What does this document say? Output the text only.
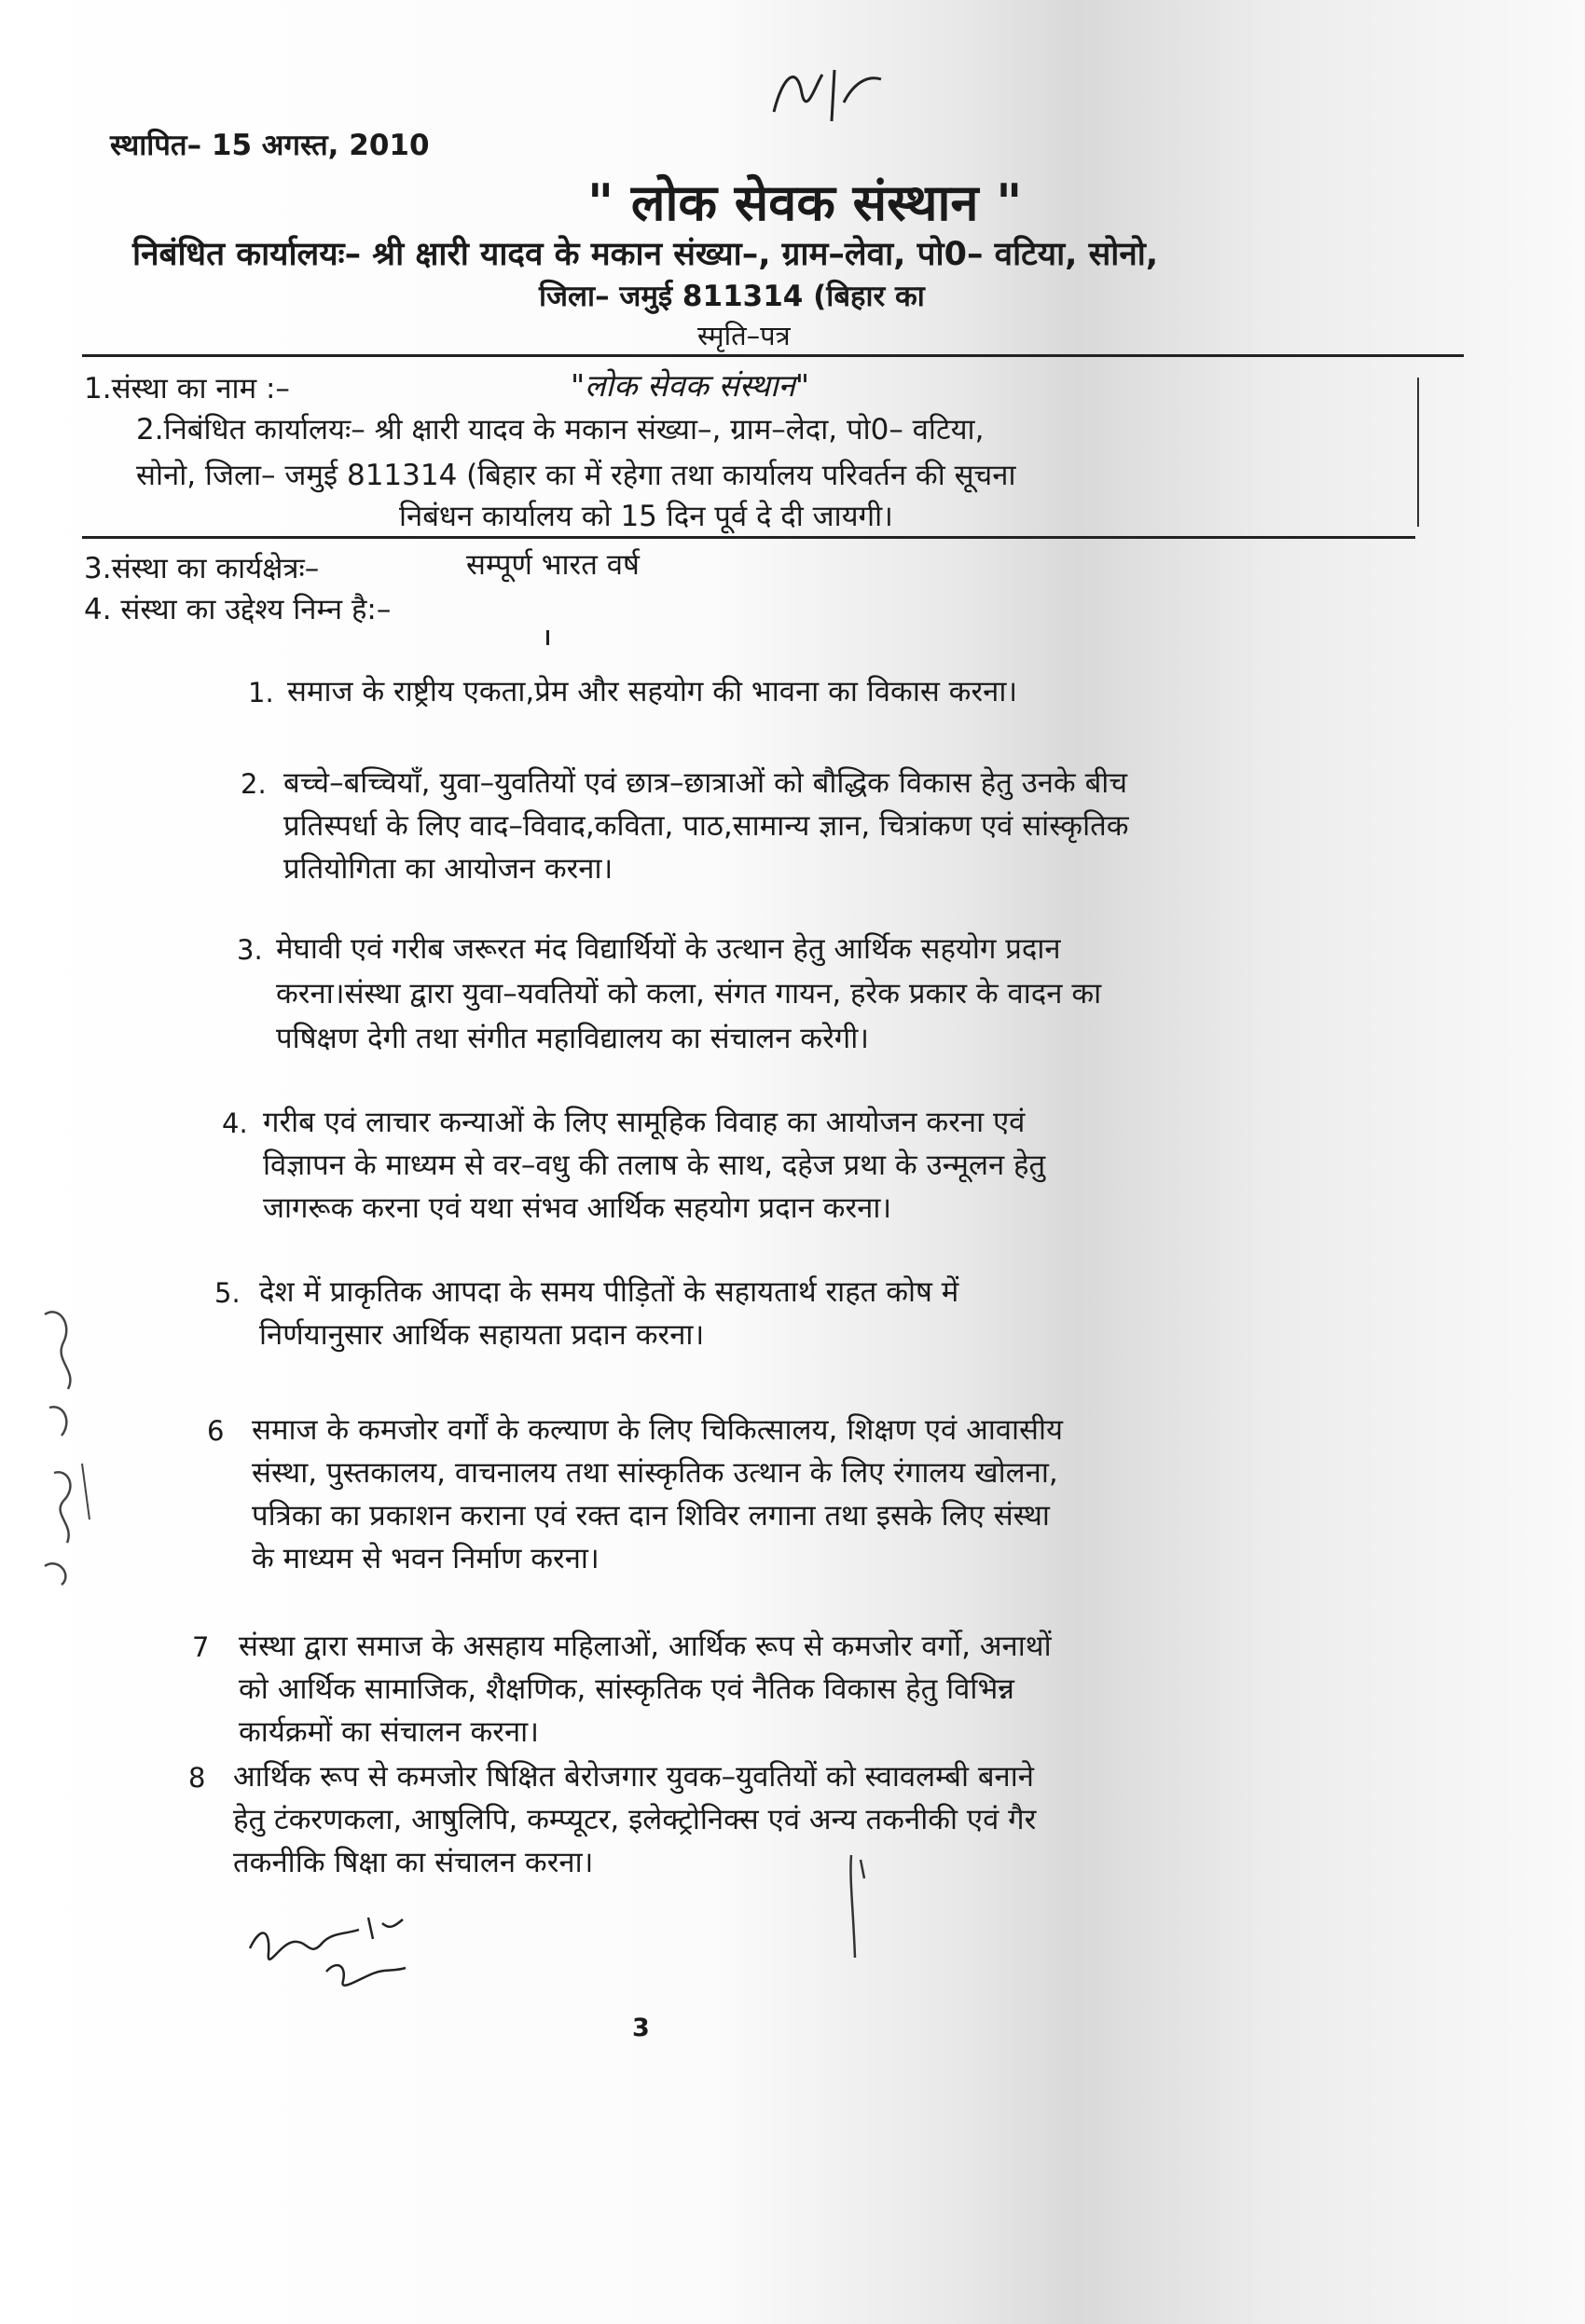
स्थापित– 15 अगस्त, 2010
" लोक सेवक संस्थान "
निबंधित कार्यालयः– श्री क्षारी यादव के मकान संख्या–, ग्राम–लेवा, पो0– वटिया, सोनो,
जिला– जमुई 811314 (बिहार का
स्मृति–पत्र
1.संस्था का नाम :–	"लोक सेवक संस्थान"
2.निबंधित कार्यालयः– श्री क्षारी यादव के मकान संख्या–, ग्राम–लेदा, पो0– वटिया,
सोनो, जिला– जमुई 811314 (बिहार का में रहेगा तथा कार्यालय परिवर्तन की सूचना
निबंधन कार्यालय को 15 दिन पूर्व दे दी जायगी।
3.संस्था का कार्यक्षेत्रः–	सम्पूर्ण भारत वर्ष
4. संस्था का उद्देश्य निम्न है:–
1. समाज के राष्ट्रीय एकता,प्रेम और सहयोग की भावना का विकास करना।
2. बच्चे–बच्चियाँ, युवा–युवतियों एवं छात्र–छात्राओं को बौद्धिक विकास हेतु उनके बीच
प्रतिस्पर्धा के लिए वाद–विवाद,कविता, पाठ,सामान्य ज्ञान, चित्रांकण एवं सांस्कृतिक
प्रतियोगिता का आयोजन करना।
3. मेघावी एवं गरीब जरूरत मंद विद्यार्थियों के उत्थान हेतु आर्थिक सहयोग प्रदान
करना।संस्था द्वारा युवा–यवतियों को कला, संगत गायन, हरेक प्रकार के वादन का
पषिक्षण देगी तथा संगीत महाविद्यालय का संचालन करेगी।
4. गरीब एवं लाचार कन्याओं के लिए सामूहिक विवाह का आयोजन करना एवं
विज्ञापन के माध्यम से वर–वधु की तलाष के साथ, दहेज प्रथा के उन्मूलन हेतु
जागरूक करना एवं यथा संभव आर्थिक सहयोग प्रदान करना।
5. देश में प्राकृतिक आपदा के समय पीड़ितों के सहायतार्थ राहत कोष में
निर्णयानुसार आर्थिक सहायता प्रदान करना।
6 समाज के कमजोर वर्गों के कल्याण के लिए चिकित्सालय, शिक्षण एवं आवासीय
संस्था, पुस्तकालय, वाचनालय तथा सांस्कृतिक उत्थान के लिए रंगालय खोलना,
पत्रिका का प्रकाशन कराना एवं रक्त दान शिविर लगाना तथा इसके लिए संस्था
के माध्यम से भवन निर्माण करना।
7 संस्था द्वारा समाज के असहाय महिलाओं, आर्थिक रूप से कमजोर वर्गो, अनाथों
को आर्थिक सामाजिक, शैक्षणिक, सांस्कृतिक एवं नैतिक विकास हेतु विभिन्न
कार्यक्रमों का संचालन करना।
8 आर्थिक रूप से कमजोर षिक्षित बेरोजगार युवक–युवतियों को स्वावलम्बी बनाने
हेतु टंकरणकला, आषुलिपि, कम्प्यूटर, इलेक्ट्रोनिक्स एवं अन्य तकनीकी एवं गैर
तकनीकि षिक्षा का संचालन करना।
3
